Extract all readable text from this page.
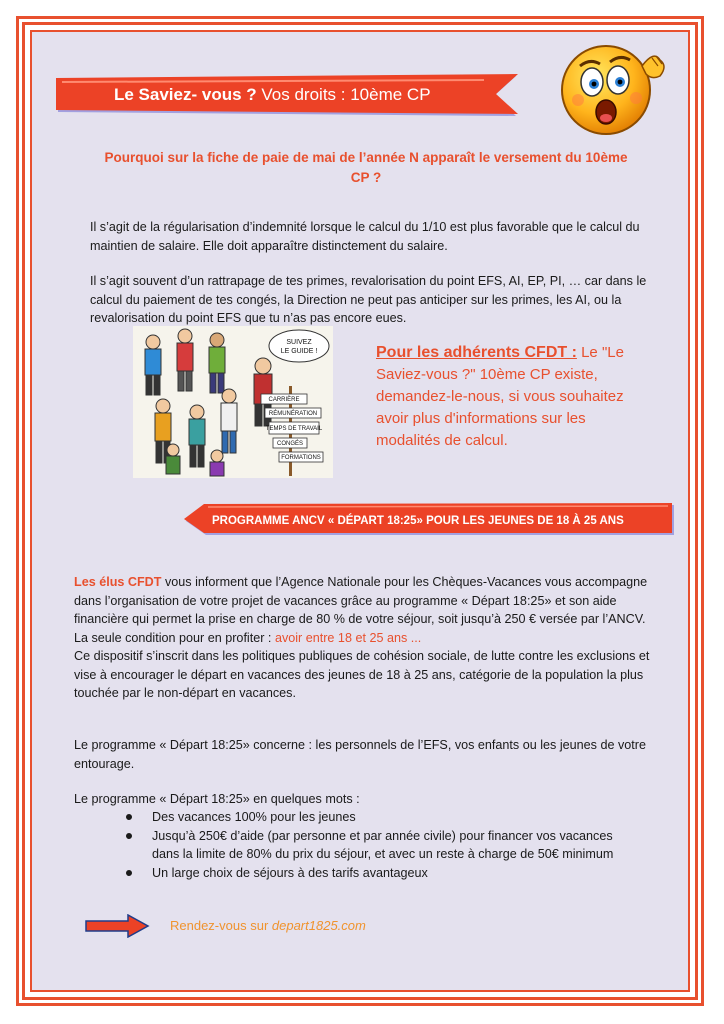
Le Saviez- vous ? Vos droits : 10ème CP
Pourquoi sur la fiche de paie de mai de l’année N apparaît le versement du 10ème CP ?
Il s’agit de la régularisation d’indemnité lorsque le calcul du 1/10 est plus favorable que le calcul du maintien de salaire. Elle doit apparaître distinctement du salaire.
Il s’agit souvent d’un rattrapage de tes primes, revalorisation du point EFS, AI, EP, PI, … car dans le calcul du paiement de tes congés, la Direction ne peut pas anticiper sur les primes, les AI, ou la revalorisation du point EFS que tu n’as pas encore eues.
SUIVEZ
LE GUIDE !
CARRIÈRE
RÉMUNÉRATION
TEMPS DE TRAVAIL
CONGÉS
FORMATIONS
Pour les adhérents CFDT : Le "Le Saviez-vous ?" 10ème CP existe, demandez-le-nous, si vous souhaitez avoir plus d'informations sur les modalités de calcul.
PROGRAMME ANCV « DÉPART 18:25» POUR LES JEUNES DE 18 À 25 ANS
Les élus CFDT vous informent que l’Agence Nationale pour les Chèques-Vacances vous accompagne dans l’organisation de votre projet de vacances grâce au programme « Départ 18:25» et son aide financière qui permet la prise en charge de 80 % de votre séjour, soit jusqu’à 250 € versée par l’ANCV.
La seule condition pour en profiter : avoir entre 18 et 25 ans ...
Ce dispositif s’inscrit dans les politiques publiques de cohésion sociale, de lutte contre les exclusions et vise à encourager le départ en vacances des jeunes de 18 à 25 ans, catégorie de la population la plus touchée par le non-départ en vacances.
Le programme « Départ 18:25» concerne : les personnels de l’EFS, vos enfants ou les jeunes de votre entourage.
Le programme « Départ 18:25» en quelques mots :
Des vacances 100% pour les jeunes
Jusqu’à 250€ d’aide (par personne et par année civile) pour financer vos vacances dans la limite de 80% du prix du séjour, et avec un reste à charge de 50€ minimum
Un large choix de séjours à des tarifs avantageux
Rendez-vous sur depart1825.com
